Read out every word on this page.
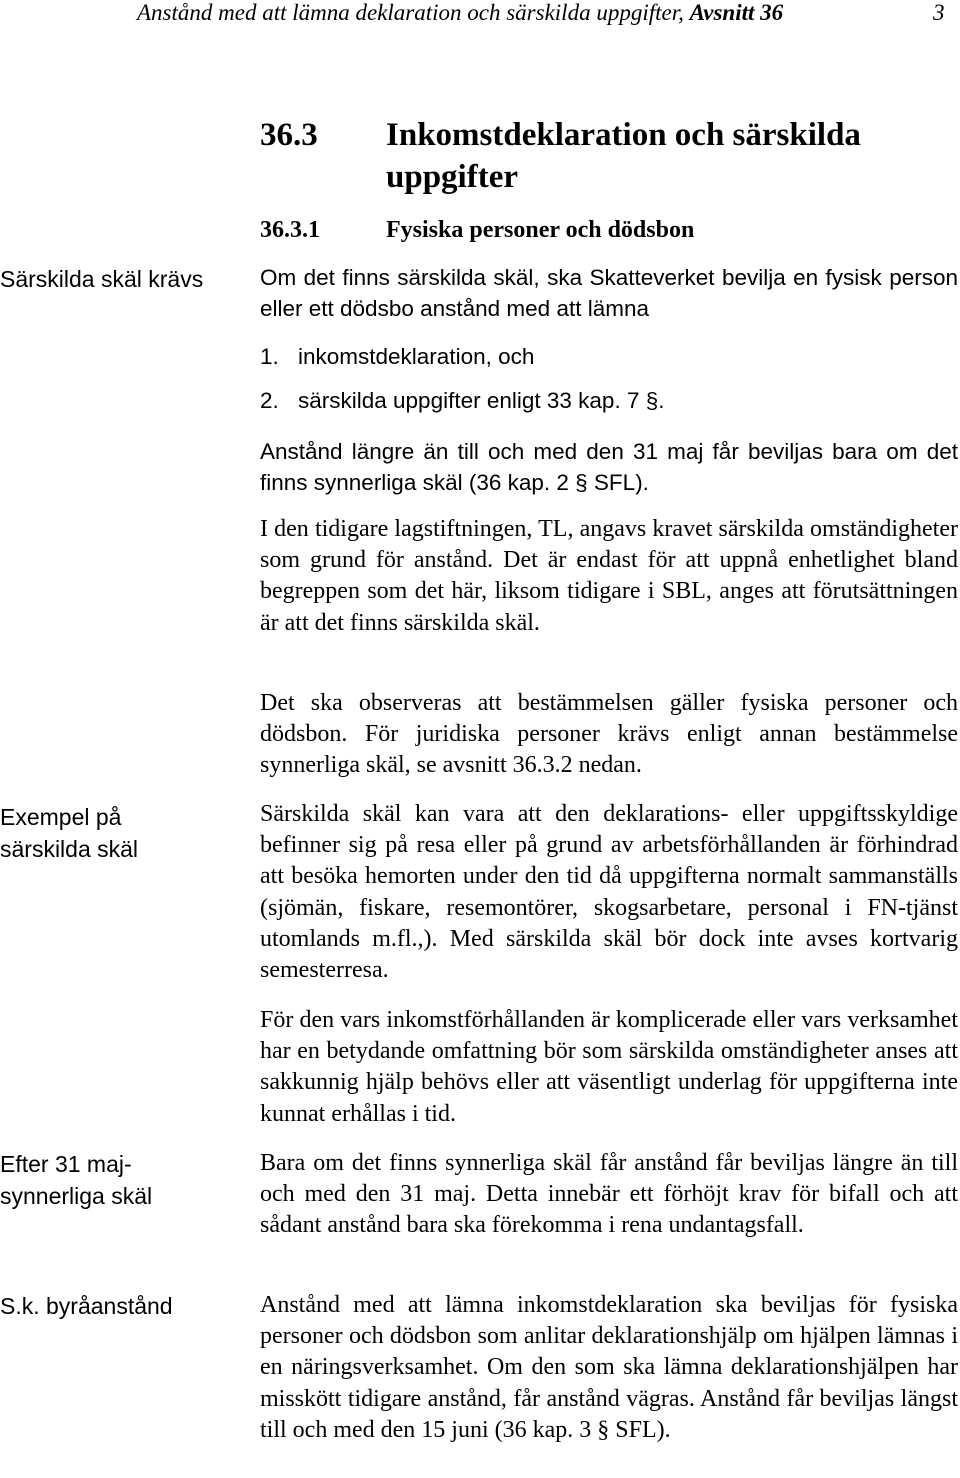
Anstånd med att lämna deklaration och särskilda uppgifter, Avsnitt 36	3
Särskilda skäl krävs
Exempel på särskilda skäl
Efter 31 maj- synnerliga skäl
S.k. byråanstånd
36.3 Inkomstdeklaration och särskilda
uppgifter
36.3.1	Fysiska personer och dödsbon

Om det finns särskilda skäl, ska Skatteverket bevilja en fysisk person eller ett dödsbo anstånd med att lämna

1. inkomstdeklaration, och
2. särskilda uppgifter enligt 33 kap. 7 §.

Anstånd längre än till och med den 31 maj får beviljas bara om det finns synnerliga skäl (36 kap. 2 § SFL).

I den tidigare lagstiftningen, TL, angavs kravet särskilda omständigheter som grund för anstånd. Det är endast för att uppnå enhetlighet bland begreppen som det här, liksom tidigare i SBL, anges att förutsättningen är att det finns särskilda skäl.

Det ska observeras att bestämmelsen gäller fysiska personer och dödsbon. För juridiska personer krävs enligt annan bestämmelse synnerliga skäl, se avsnitt 36.3.2 nedan.

Särskilda skäl kan vara att den deklarations- eller uppgiftsskyldige befinner sig på resa eller på grund av arbetsförhållanden är förhindrad att besöka hemorten under den tid då uppgifterna normalt sammanställs (sjömän, fiskare, resemontörer, skogsarbetare, personal i FN-tjänst utomlands m.fl.,). Med särskilda skäl bör dock inte avses kortvarig semesterresa.

För den vars inkomstförhållanden är komplicerade eller vars verksamhet har en betydande omfattning bör som särskilda omständigheter anses att sakkunnig hjälp behövs eller att väsentligt underlag för uppgifterna inte kunnat erhållas i tid.

Bara om det finns synnerliga skäl får anstånd får beviljas längre än till och med den 31 maj. Detta innebär ett förhöjt krav för bifall och att sådant anstånd bara ska förekomma i rena undantagsfall.

Anstånd med att lämna inkomstdeklaration ska beviljas för fysiska personer och dödsbon som anlitar deklarationshjälp om hjälpen lämnas i en näringsverksamhet. Om den som ska lämna deklarationshjälpen har misskött tidigare anstånd, får anstånd vägras. Anstånd får beviljas längst till och med den 15 juni (36 kap. 3 § SFL).
